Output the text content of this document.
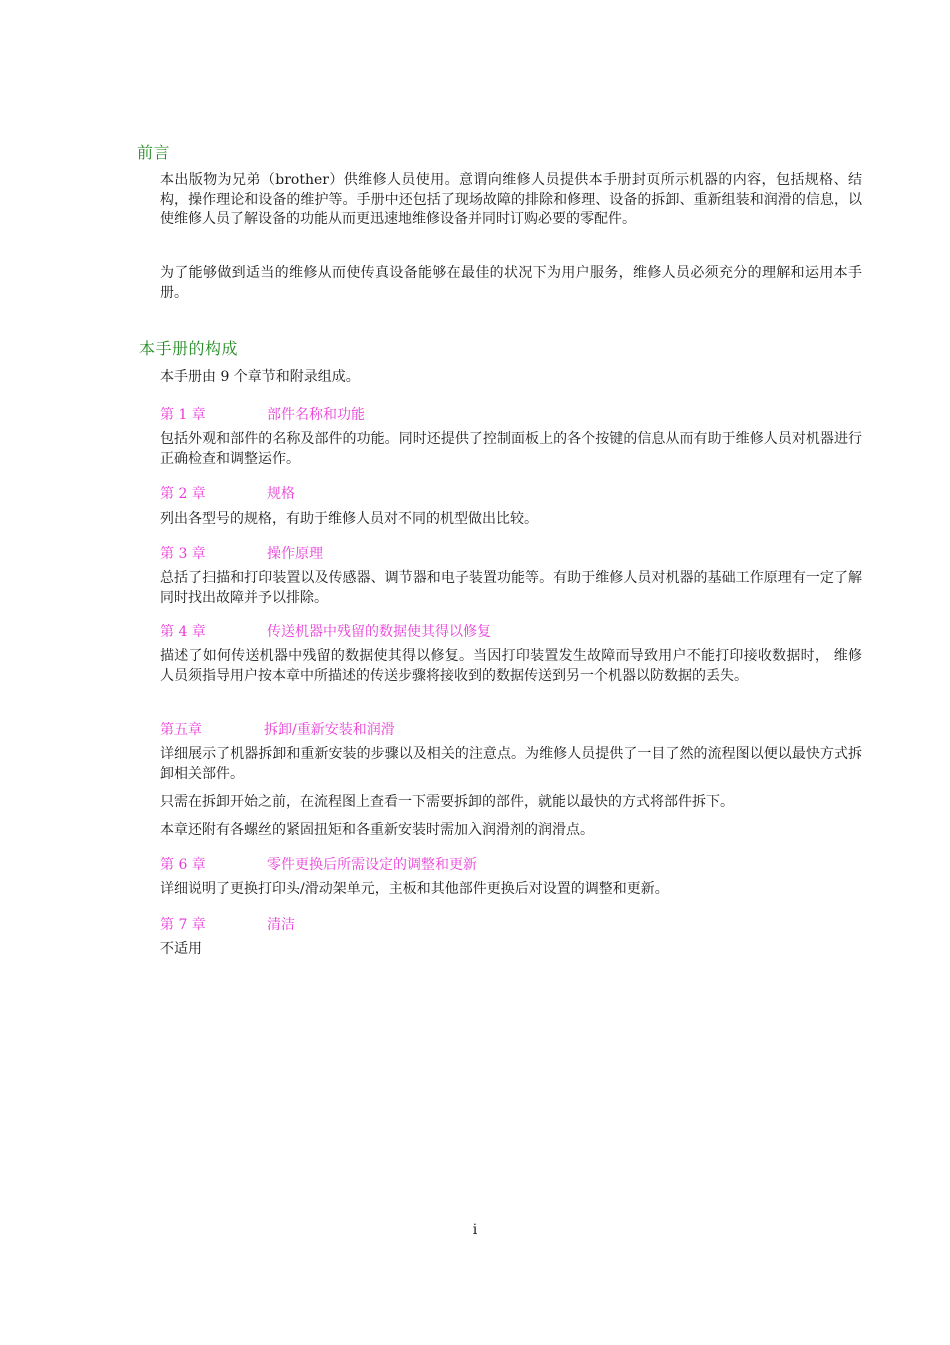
前言

本出版物为兄弟（brother）供维修人员使用。意谓向维修人员提供本手册封页所示机器的内容，包括规格、结构，操作理论和设备的维护等。手册中还包括了现场故障的排除和修理、设备的拆卸、重新组装和润滑的信息，以使维修人员了解设备的功能从而更迅速地维修设备并同时订购必要的零配件。

为了能够做到适当的维修从而使传真设备能够在最佳的状况下为用户服务，维修人员必须充分的理解和运用本手册。

本手册的构成

本手册由 9 个章节和附录组成。

第 1 章	部件名称和功能

包括外观和部件的名称及部件的功能。同时还提供了控制面板上的各个按键的信息从而有助于维修人员对机器进行正确检查和调整运作。

第 2 章	规格

列出各型号的规格，有助于维修人员对不同的机型做出比较。

第 3 章	操作原理

总括了扫描和打印装置以及传感器、调节器和电子装置功能等。有助于维修人员对机器的基础工作原理有一定了解同时找出故障并予以排除。

第 4 章	传送机器中残留的数据使其得以修复

描述了如何传送机器中残留的数据使其得以修复。当因打印装置发生故障而导致用户不能打印接收数据时， 维修人员须指导用户按本章中所描述的传送步骤将接收到的数据传送到另一个机器以防数据的丢失。

第五章	拆卸/重新安装和润滑

详细展示了机器拆卸和重新安装的步骤以及相关的注意点。为维修人员提供了一目了然的流程图以便以最快方式拆卸相关部件。

只需在拆卸开始之前，在流程图上查看一下需要拆卸的部件，就能以最快的方式将部件拆下。

本章还附有各螺丝的紧固扭矩和各重新安装时需加入润滑剂的润滑点。

第 6 章	零件更换后所需设定的调整和更新

详细说明了更换打印头/滑动架单元，主板和其他部件更换后对设置的调整和更新。

第 7 章	清洁

不适用

i
